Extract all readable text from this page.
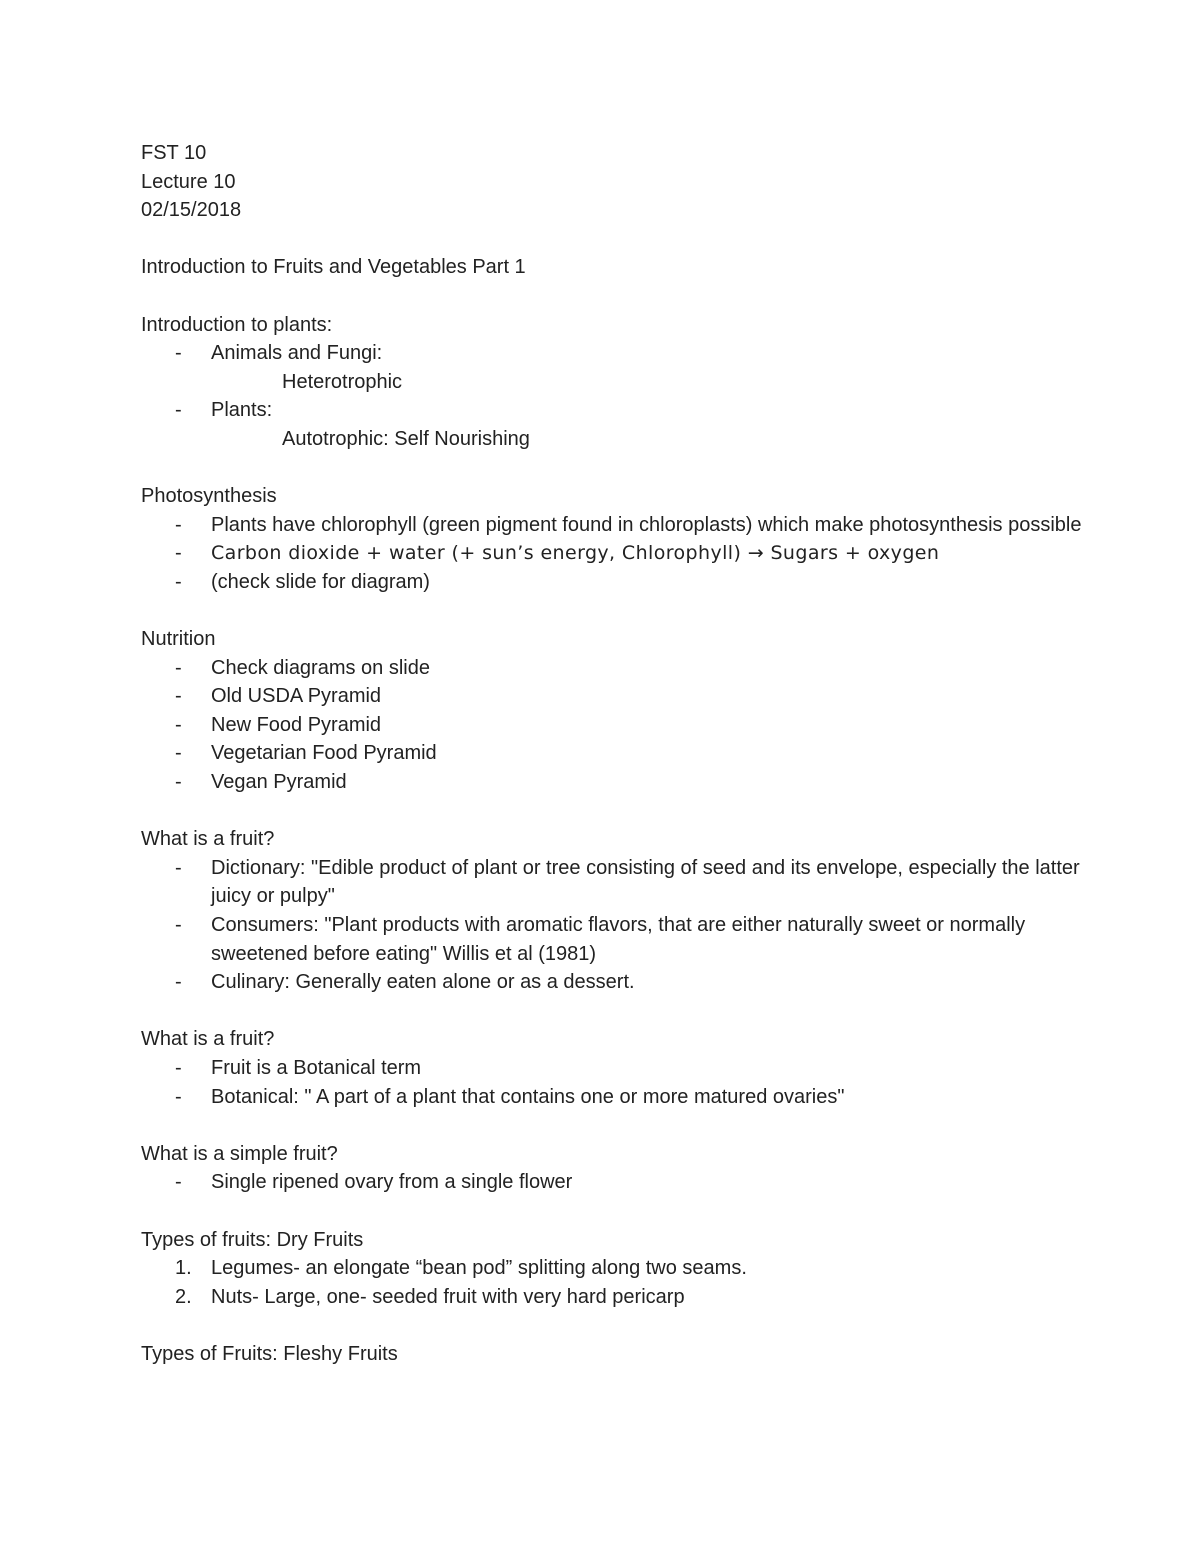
FST 10
Lecture 10
02/15/2018
Introduction to Fruits and Vegetables Part 1
Introduction to plants:
-	Animals and Fungi:
Heterotrophic
-	Plants:
Autotrophic: Self Nourishing
Photosynthesis
-	Plants have chlorophyll (green pigment found in chloroplasts) which make photosynthesis possible
-	Carbon dioxide + water (+ sun’s energy, Chlorophyll) → Sugars + oxygen
-	(check slide for diagram)
Nutrition
-	Check diagrams on slide
-	Old USDA Pyramid
-	New Food Pyramid
-	Vegetarian Food Pyramid
-	Vegan Pyramid
What is a fruit?
-	Dictionary: "Edible product of plant or tree consisting of seed and its envelope, especially the latter juicy or pulpy"
-	Consumers: "Plant products with aromatic flavors, that are either naturally sweet or normally sweetened before eating" Willis et al (1981)
-	Culinary: Generally eaten alone or as a dessert.
What is a fruit?
-	Fruit is a Botanical term
-	Botanical: " A part of a plant that contains one or more matured ovaries"
What is a simple fruit?
-	Single ripened ovary from a single flower
Types of fruits: Dry Fruits
1. Legumes- an elongate “bean pod” splitting along two seams.
2. Nuts- Large, one- seeded fruit with very hard pericarp
Types of Fruits: Fleshy Fruits
